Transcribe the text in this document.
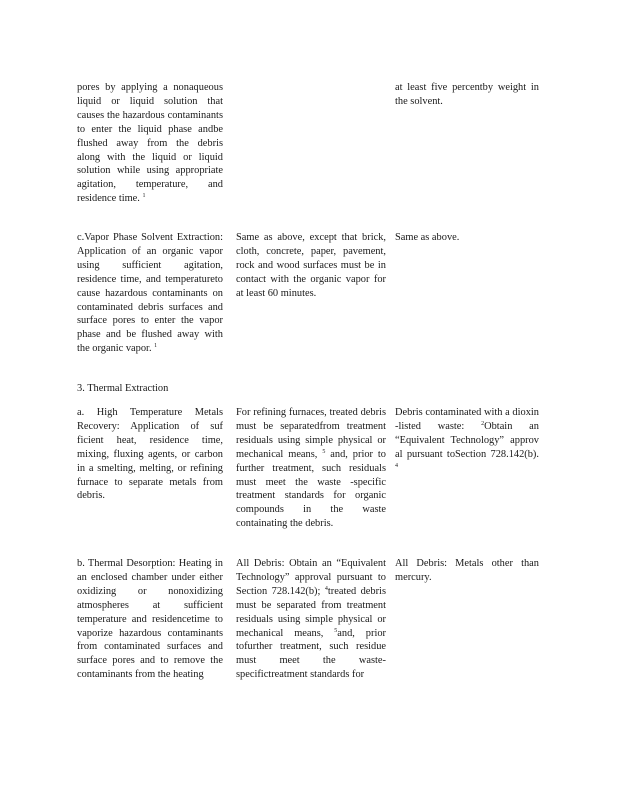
pores by applying a nonaqueous liquid or liquid solution that causes the hazardous contaminants to enter the liquid phase andbe flushed away from the debris along with the liquid or liquid solution while using appropriate agitation, temperature, and residence time. $^1$

at least five percentby weight in the solvent.

c.Vapor Phase Solvent Extraction: Application of an organic vapor using sufficient agitation, residence time, and temperatureto cause hazardous contaminants on contaminated debris surfaces and surface pores to enter the vapor phase and be flushed away with the organic vapor. $^1$

Same as above, except that brick, cloth, concrete, paper, pavement, rock and wood surfaces must be in contact with the organic vapor for at least 60 minutes.

Same as above.

3. Thermal Extraction

a. High Temperature Metals Recovery: Application of suf ficient heat, residence time, mixing, fluxing agents, or carbon in a smelting, melting, or refining furnace to separate metals from debris.

For refining furnaces, treated debris must be separatedfrom treatment residuals using simple physical or mechanical means, $^5$ and, prior to further treatment, such residuals must meet the waste -specific treatment standards for organic compounds in the waste containating the debris.

Debris contaminated with a dioxin -listed waste:	$^2$Obtain an “Equivalent Technology” approv al pursuant toSection 728.142(b). $^4$

b. Thermal Desorption: Heating in an enclosed chamber under either oxidizing or nonoxidizing atmospheres at sufficient temperature and residencetime to vaporize hazardous contaminants from contaminated surfaces and surface pores and to remove the contaminants from the heating

All Debris: Obtain an “Equivalent Technology” approval pursuant to Section 728.142(b); $^4$treated debris must be separated from treatment residuals using simple physical or mechanical means, $^5$and, prior tofurther treatment, such residue must meet the waste-specifictreatment standards for

All Debris: Metals other than mercury.
